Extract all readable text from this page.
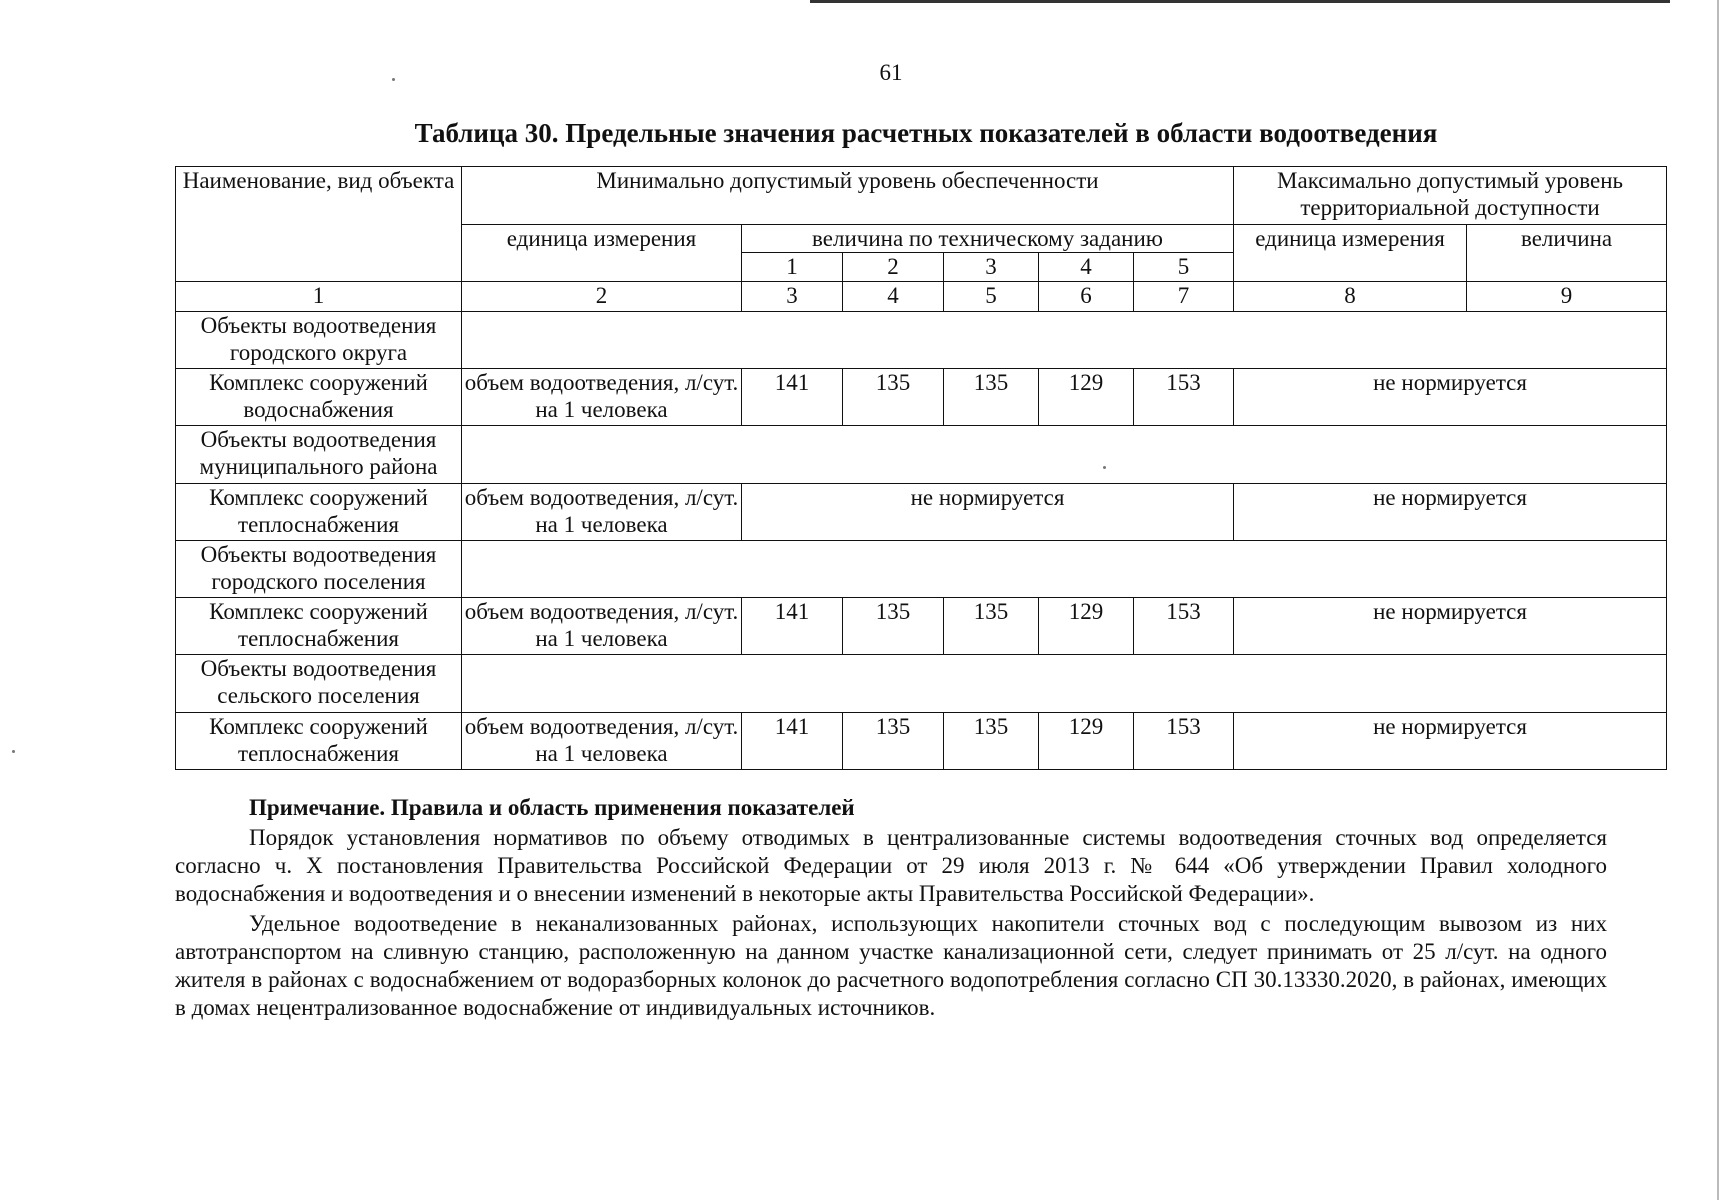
61
Таблица 30. Предельные значения расчетных показателей в области водоотведения
Наименование, вид объекта	Минимально допустимый уровень обеспеченности						Максимально допустимый уровень территориальной доступности	
	единица измерения	величина по техническому заданию					единица измерения	величина
		1	2	3	4	5		
1	2	3	4	5	6	7	8	9
Объекты водоотведения городского округа								
Комплекс сооружений водоснабжения	объем водоотведения, л/сут. на 1 человека	141	135	135	129	153	не нормируется	
Объекты водоотведения муниципального района								
Комплекс сооружений теплоснабжения	объем водоотведения, л/сут. на 1 человека	не нормируется					не нормируется	
Объекты водоотведения городского поселения								
Комплекс сооружений теплоснабжения	объем водоотведения, л/сут. на 1 человека	141	135	135	129	153	не нормируется	
Объекты водоотведения сельского поселения								
Комплекс сооружений теплоснабжения	объем водоотведения, л/сут. на 1 человека	141	135	135	129	153	не нормируется	
Примечание. Правила и область применения показателей
Порядок установления нормативов по объему отводимых в централизованные системы водоотведения сточных вод определяется согласно ч. X постановления Правительства Российской Федерации от 29 июля 2013 г. № 644 «Об утверждении Правил холодного водоснабжения и водоотведения и о внесении изменений в некоторые акты Правительства Российской Федерации».
Удельное водоотведение в неканализованных районах, использующих накопители сточных вод с последующим вывозом из них автотранспортом на сливную станцию, расположенную на данном участке канализационной сети, следует принимать от 25 л/сут. на одного жителя в районах с водоснабжением от водоразборных колонок до расчетного водопотребления согласно СП 30.13330.2020, в районах, имеющих в домах нецентрализованное водоснабжение от индивидуальных источников.
